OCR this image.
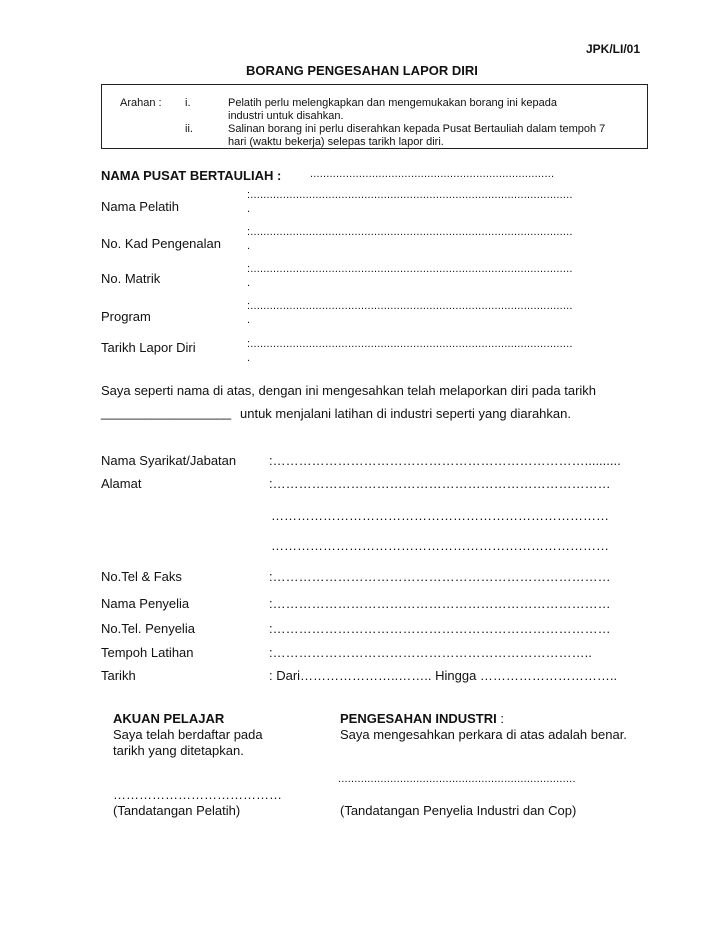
JPK/LI/01
BORANG PENGESAHAN LAPOR DIRI
Arahan : i.	Pelatih perlu melengkapkan dan mengemukakan borang ini kepada
industri untuk disahkan.
ii.	Salinan borang ini perlu diserahkan kepada Pusat Bertauliah dalam tempoh 7
hari (waktu bekerja) selepas tarikh lapor diri.
NAMA PUSAT BERTAULIAH :	...........................................................................
Nama Pelatih
:...................................................................................................
.
No. Kad Pengenalan
:...................................................................................................
.
No. Matrik
:...................................................................................................
.
Program
:...................................................................................................
.
Tarikh Lapor Diri	:...................................................................................................
.
Saya seperti nama di atas, dengan ini mengesahkan telah melaporkan diri pada tarikh
__________________ untuk menjalani latihan di industri seperti yang diarahkan.
Nama Syarikat/Jabatan	:………………………………………………………………..........
Alamat	:……………………………………………………………………
……………………………………………………………………
……………………………………………………………………
No.Tel & Faks	:……………………………………………………………………
Nama Penyelia	:……………………………………………………………………
No.Tel. Penyelia	:……………………………………………………………………
Tempoh Latihan	:………………………………………………………………..
Tarikh	: Dari…………………..…….. Hingga …………………………..
AKUAN PELAJAR
Saya telah berdaftar pada
tarikh yang ditetapkan.
…………………………………
(Tandatangan Pelatih)
PENGESAHAN INDUSTRI :
Saya mengesahkan perkara di atas adalah benar.
.........................................................................
(Tandatangan Penyelia Industri dan Cop)
